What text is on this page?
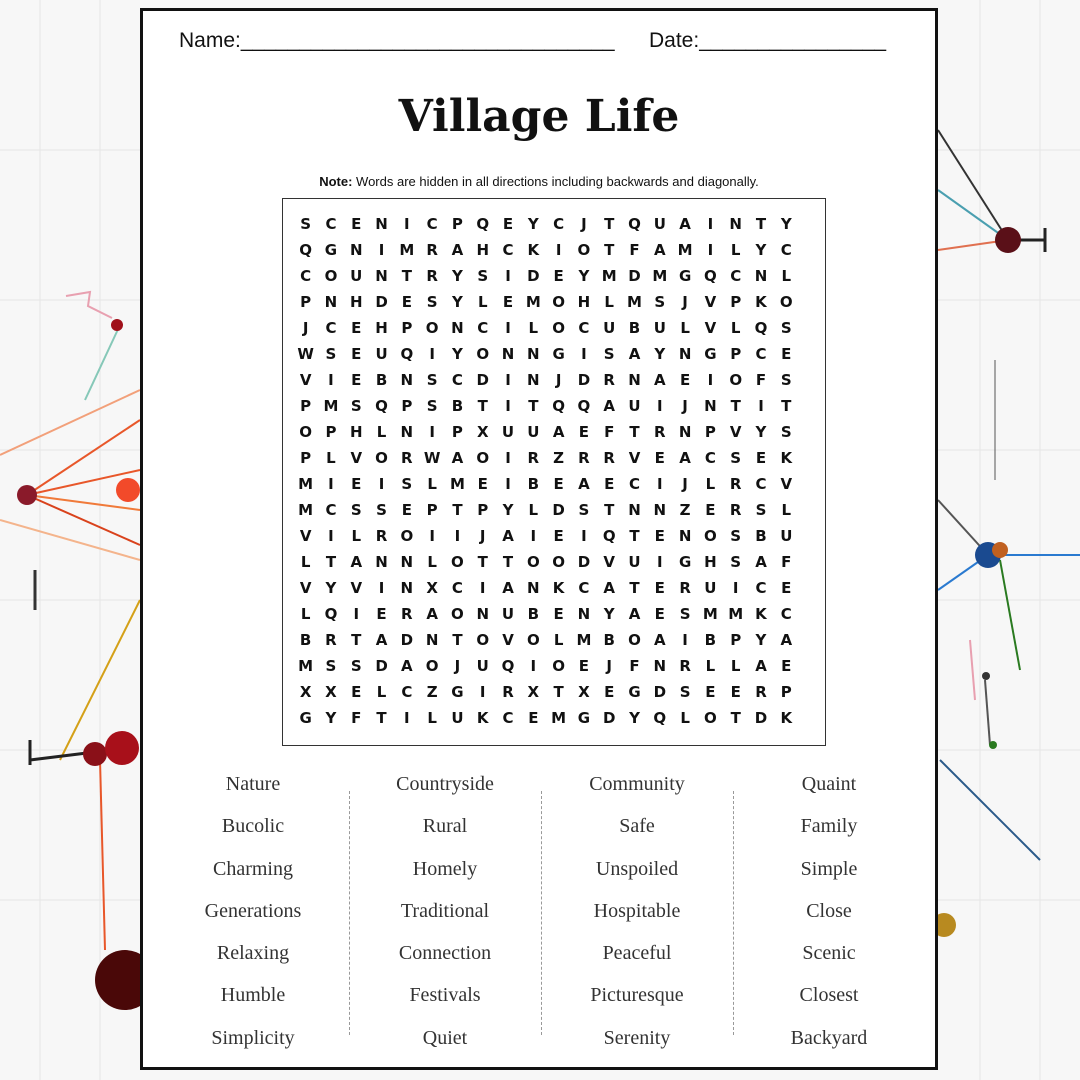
Name:________________________________ Date:________________
Village Life
Note: Words are hidden in all directions including backwards and diagonally.
S C E N	I	C P Q E Y C	J	T Q U A	I	N T Y
Q G N	I	M R A H C K	I	O T	F A M	I	L	Y C
C O U N T R Y S	I	D E Y M D M G Q C N L
P N H D E S Y	L	E M O H L M S	J	V P K O
J	C E H P O N C	I	L O C U B U L V L Q S
W S E U Q	I	Y O N N G	I	S A Y N G P C E
V	I	E B N S C D	I	N	J	D R N A E	I	O F S
P M S Q P S B T	I	T Q Q A U	I	J	N T	I	T
O P H L N	I	P X U U A E	F	T R N P V Y S
P	L V O R W A O	I	R Z R R V E A C S E K
M	I	E	I	S	L M E	I	B E A E C	I	J	L R C V
M C S S E P T P Y	L D S T N N Z E R S	L
V	I	L R O	I	I	J	A	I	E	I	Q T	E N O S B U
L	T A N N L O T	T O O D V U	I	G H S A F
V Y V	I	N X C	I	A N K C A T	E R U	I	C E
L Q	I	E R A O N U B E N Y A E S M M K C
B R T A D N T O V O L M B O A	I	B P Y A
M S S D A O	J	U Q	I	O E	J	F N R L	L A E
X X E	L	C Z G	I	R X T X E G D S E	E R P
G Y F	T	I	L U K C E M G D Y Q L O T D K
Nature
Bucolic
Charming
Generations
Relaxing
Humble
Simplicity
Countryside
Rural
Homely
Traditional
Connection
Festivals
Quiet
Community
Safe
Unspoiled
Hospitable
Peaceful
Picturesque
Serenity
Quaint
Family
Simple
Close
Scenic
Closest
Backyard
